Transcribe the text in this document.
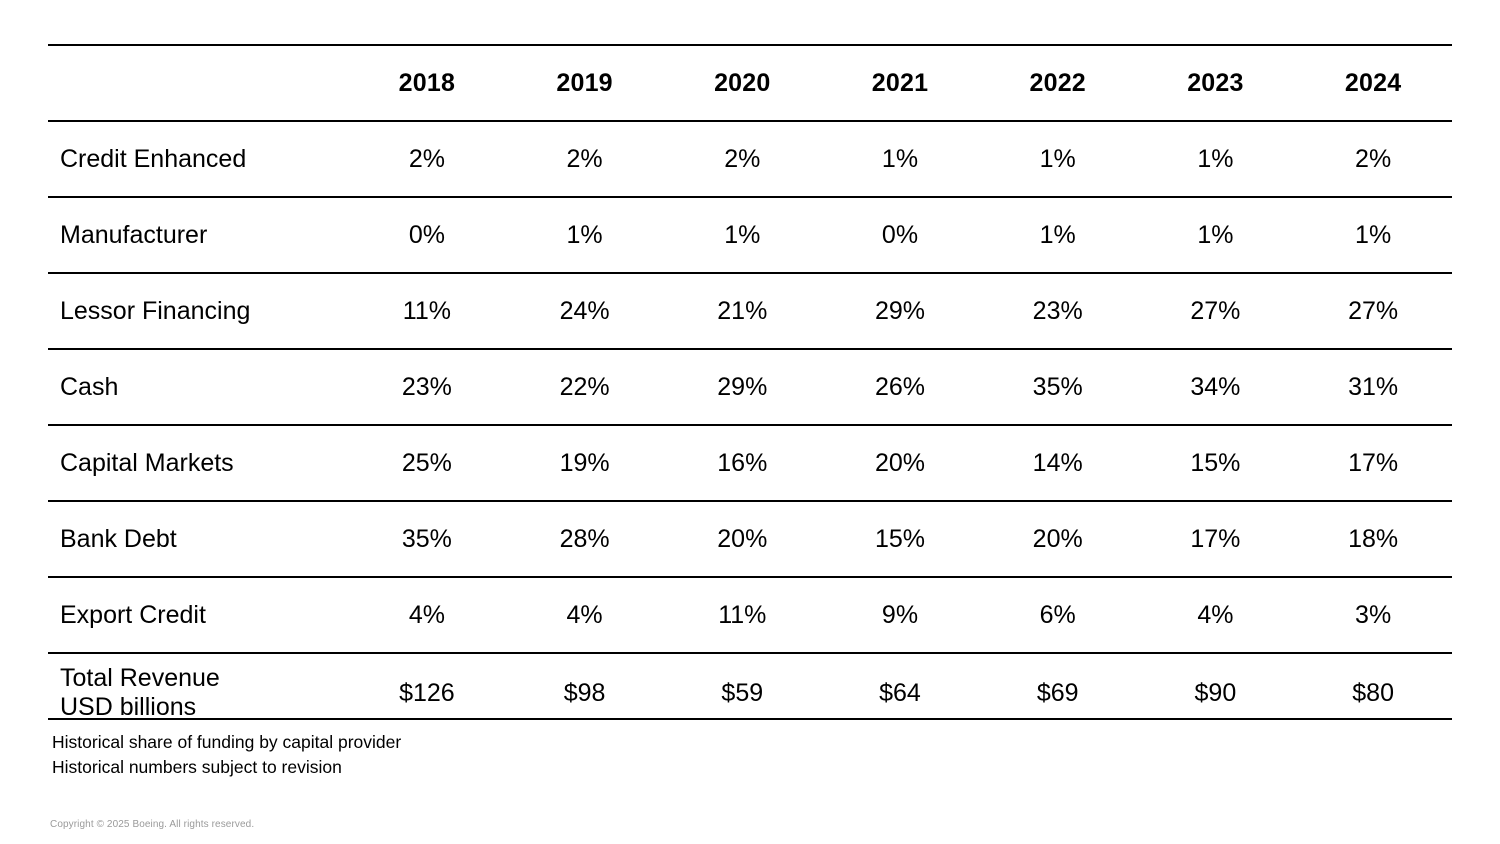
	2018	2019	2020	2021	2022	2023	2024
Credit Enhanced	2%	2%	2%	1%	1%	1%	2%
Manufacturer	0%	1%	1%	0%	1%	1%	1%
Lessor Financing	11%	24%	21%	29%	23%	27%	27%
Cash	23%	22%	29%	26%	35%	34%	31%
Capital Markets	25%	19%	16%	20%	14%	15%	17%
Bank Debt	35%	28%	20%	15%	20%	17%	18%
Export Credit	4%	4%	11%	9%	6%	4%	3%

Total Revenue
USD billions	$126	$98	$59	$64	$69	$90	$80
Historical share of funding by capital provider
Historical numbers subject to revision
Copyright © 2025 Boeing. All rights reserved.
